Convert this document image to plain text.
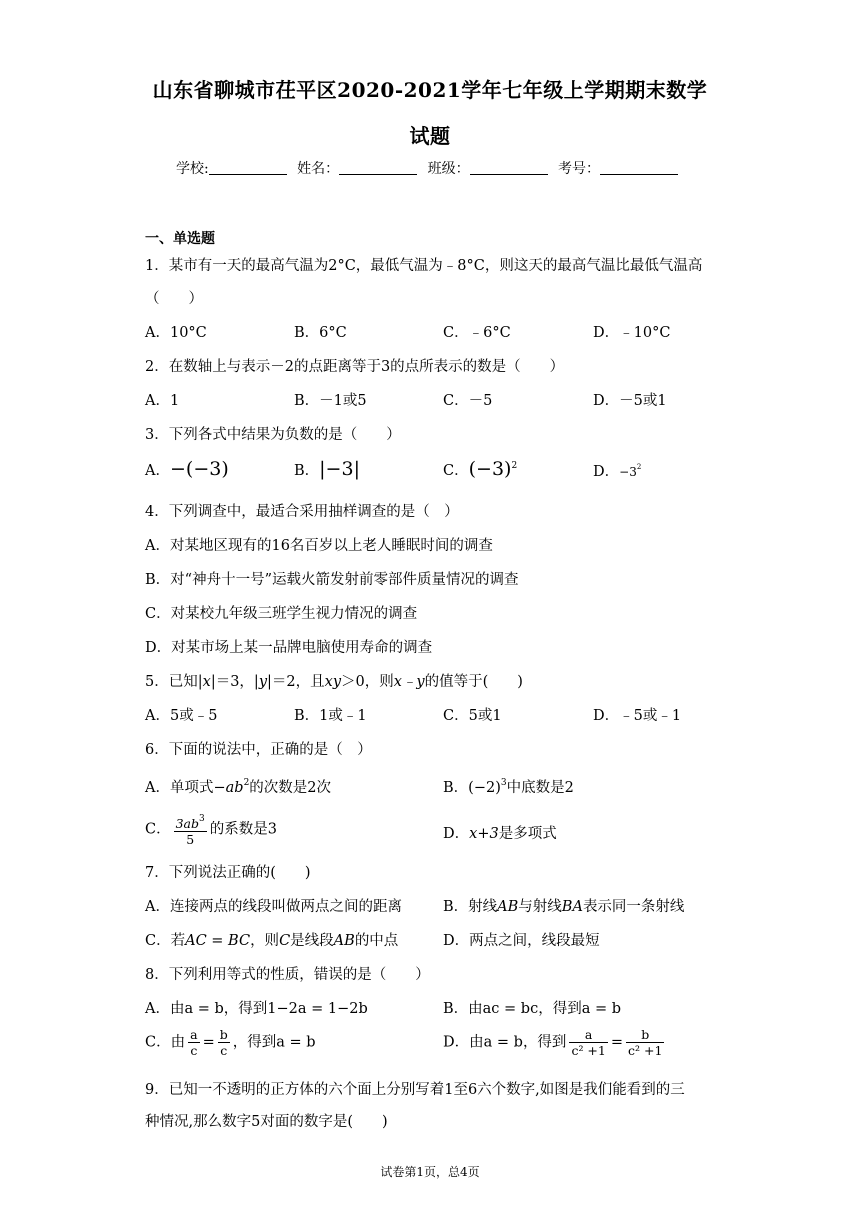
山东省聊城市茌平区2020-2021学年七年级上学期期末数学
试题
学校:	姓名：	班级：	考号：
一、单选题
1．某市有一天的最高气温为2°C，最低气温为﹣8°C，则这天的最高气温比最低气温高
（　　）
A．10°C	B．6°C	C．﹣6°C	D．﹣10°C
2．在数轴上与表示－2的点距离等于3的点所表示的数是（　　）
A．1	B．－1或5	C．－5	D．－5或1
3．下列各式中结果为负数的是（　　）
A．−(−3)	B．|−3|	C．$(-3)^2$	D．$-3^2$
4．下列调查中，最适合采用抽样调查的是（　）
A．对某地区现有的16名百岁以上老人睡眠时间的调查
B．对“神舟十一号”运载火箭发射前零部件质量情况的调查
C．对某校九年级三班学生视力情况的调查
D．对某市场上某一品牌电脑使用寿命的调查
5．已知|x|＝3，|y|＝2，且xy＞0，则x﹣y的值等于(　　)
A．5或﹣5	B．1或﹣1	C．5或1	D．﹣5或﹣1
6．下面的说法中，正确的是（　）
A．单项式$-ab^2$的次数是2次	B．$(-2)^3$中底数是2
C． $\frac{3ab^3}{5}$ 的系数是3	D．x+3是多项式
7．下列说法正确的(　　)
A．连接两点的线段叫做两点之间的距离	B．射线AB与射线BA表示同一条射线
C．若AC = BC，则C是线段AB的中点	D．两点之间，线段最短
8．下列利用等式的性质，错误的是（　　）
A．由a = b，得到1−2a = 1−2b	B．由ac = bc，得到a = b
C．由 $\frac{a}{c} = \frac{b}{c}$ ，得到a = b	D．由a = b，得到 $\frac{a}{\text{c² +1}} = \frac{b}{\text{c² +1}}$
9．已知一不透明的正方体的六个面上分别写着1至6六个数字,如图是我们能看到的三
种情况,那么数字5对面的数字是(　　)
试卷第1页，总4页
